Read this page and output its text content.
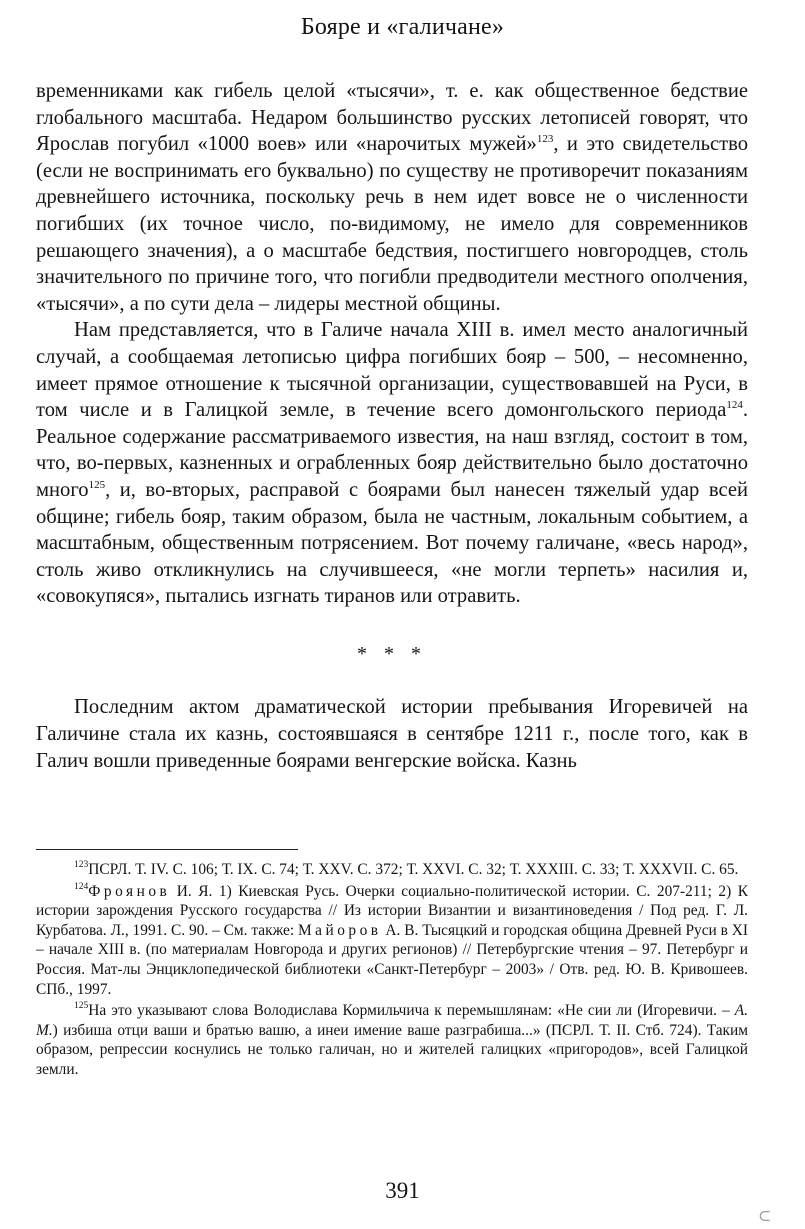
Бояре и «галичане»

временниками как гибель целой «тысячи», т. е. как общественное бедствие глобального масштаба. Недаром большинство русских летописей говорят, что Ярослав погубил «1000 воев» или «нарочитых мужей»$^{123}$, и это свидетельство (если не воспринимать его буквально) по существу не противоречит показаниям древнейшего источника, поскольку речь в нем идет вовсе не о численности погибших (их точное число, по-видимому, не имело для современников решающего значения), а о масштабе бедствия, постигшего новгородцев, столь значительного по причине того, что погибли предводители местного ополчения, «тысячи», а по сути дела – лидеры местной общины.

Нам представляется, что в Галиче начала XIII в. имел место аналогичный случай, а сообщаемая летописью цифра погибших бояр – 500, – несомненно, имеет прямое отношение к тысячной организации, существовавшей на Руси, в том числе и в Галицкой земле, в течение всего домонгольского периода$^{124}$. Реальное содержание рассматриваемого известия, на наш взгляд, состоит в том, что, во-первых, казненных и ограбленных бояр действительно было достаточно много$^{125}$, и, во-вторых, расправой с боярами был нанесен тяжелый удар всей общине; гибель бояр, таким образом, была не частным, локальным событием, а масштабным, общественным потрясением. Вот почему галичане, «весь народ», столь живо откликнулись на случившееся, «не могли терпеть» насилия и, «совокупяся», пытались изгнать тиранов или отравить.

* * *

Последним актом драматической истории пребывания Игоревичей на Галичине стала их казнь, состоявшаяся в сентябре 1211 г., после того, как в Галич вошли приведенные боярами венгерские войска. Казнь

$^{123}$ПСРЛ. Т. IV. С. 106; Т. IX. С. 74; Т. XXV. С. 372; Т. XXVI. С. 32; Т. XXXIII. С. 33; Т. XXXVII. С. 65.

$^{124}$Фроянов И. Я. 1) Киевская Русь. Очерки социально-политической истории. С. 207-211; 2) К истории зарождения Русского государства // Из истории Византии и византиноведения / Под ред. Г. Л. Курбатова. Л., 1991. С. 90. – См. также: Майоров А. В. Тысяцкий и городская община Древней Руси в XI – начале XIII в. (по материалам Новгорода и других регионов) // Петербургские чтения – 97. Петербург и Россия. Мат-лы Энциклопедической библиотеки «Санкт-Петербург – 2003» / Отв. ред. Ю. В. Кривошеев. СПб., 1997.

$^{125}$На это указывают слова Володислава Кормильчича к перемышлянам: «Не сии ли (Игоревичи. – А. М.) избиша отци ваши и братью вашю, а инеи имение ваше разграбиша...» (ПСРЛ. Т. II. Стб. 724). Таким образом, репрессии коснулись не только галичан, но и жителей галицких «пригородов», всей Галицкой земли.

391
⊂
